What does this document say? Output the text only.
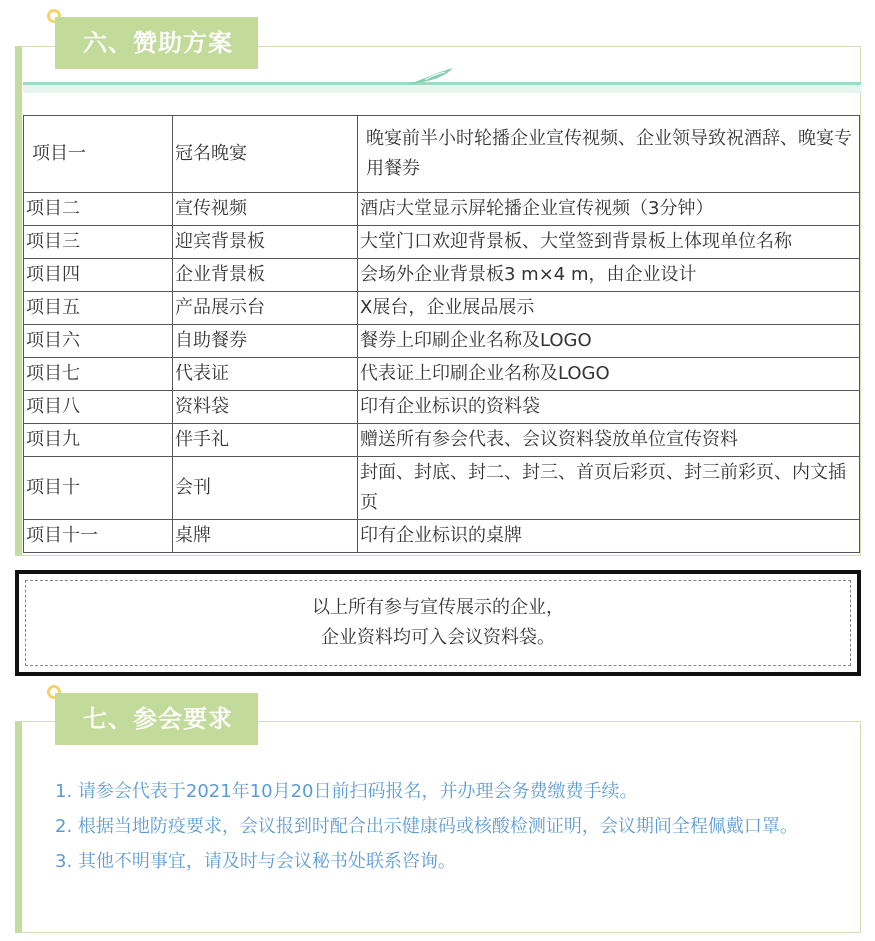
六、赞助方案
项目一	冠名晚宴	晚宴前半小时轮播企业宣传视频、企业领导致祝酒辞、晚宴专用餐券
项目二	宣传视频	酒店大堂显示屏轮播企业宣传视频（3分钟）
项目三	迎宾背景板	大堂门口欢迎背景板、大堂签到背景板上体现单位名称
项目四	企业背景板	会场外企业背景板3 m×4 m，由企业设计
项目五	产品展示台	X展台，企业展品展示
项目六	自助餐券	餐券上印刷企业名称及LOGO
项目七	代表证	代表证上印刷企业名称及LOGO
项目八	资料袋	印有企业标识的资料袋
项目九	伴手礼	赠送所有参会代表、会议资料袋放单位宣传资料
项目十	会刊	封面、封底、封二、封三、首页后彩页、封三前彩页、内文插页
项目十一	桌牌	印有企业标识的桌牌
以上所有参与宣传展示的企业，
企业资料均可入会议资料袋。
七、参会要求
1. 请参会代表于2021年10月20日前扫码报名，并办理会务费缴费手续。
2. 根据当地防疫要求，会议报到时配合出示健康码或核酸检测证明，会议期间全程佩戴口罩。
3. 其他不明事宜，请及时与会议秘书处联系咨询。
